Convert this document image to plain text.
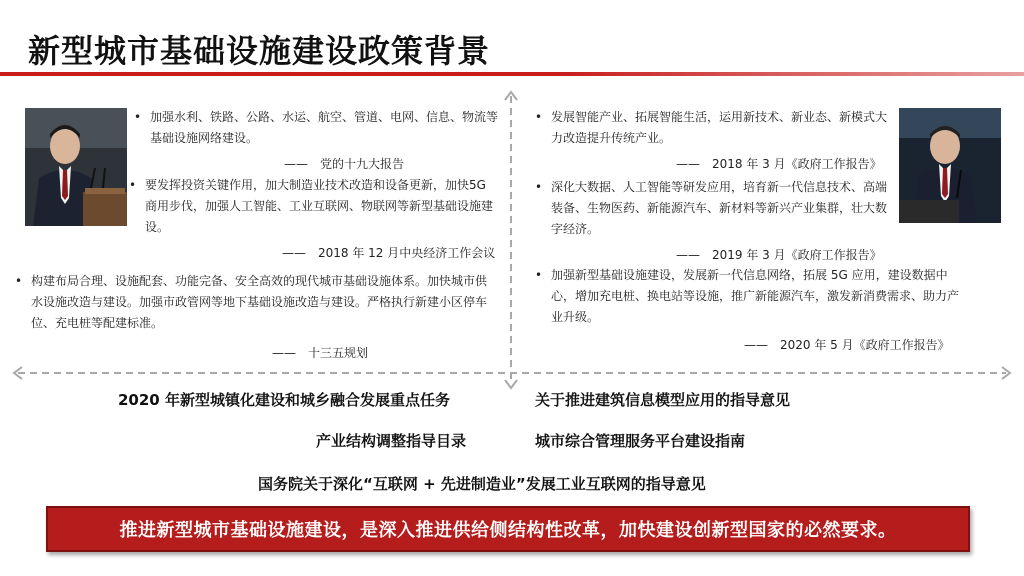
新型城市基础设施建设政策背景
• 加强水利、铁路、公路、水运、航空、管道、电网、信息、物流等基础设施网络建设。
——　党的十九大报告
• 要发挥投资关键作用，加大制造业技术改造和设备更新，加快5G 商用步伐，加强人工智能、工业互联网、物联网等新型基础设施建设。
——　2018 年 12 月中央经济工作会议
• 构建布局合理、设施配套、功能完备、安全高效的现代城市基础设施体系。加快城市供水设施改造与建设。加强市政管网等地下基础设施改造与建设。严格执行新建小区停车位、充电桩等配建标准。
——　十三五规划
• 发展智能产业、拓展智能生活，运用新技术、新业态、新模式大力改造提升传统产业。
——　2018 年 3 月《政府工作报告》
• 深化大数据、人工智能等研发应用，培育新一代信息技术、高端装备、生物医药、新能源汽车、新材料等新兴产业集群，壮大数字经济。
——　2019 年 3 月《政府工作报告》
• 加强新型基础设施建设，发展新一代信息网络，拓展 5G 应用，建设数据中心，增加充电桩、换电站等设施，推广新能源汽车，激发新消费需求、助力产业升级。
——　2020 年 5 月《政府工作报告》
2020 年新型城镇化建设和城乡融合发展重点任务	关于推进建筑信息模型应用的指导意见
产业结构调整指导目录	城市综合管理服务平台建设指南
国务院关于深化“互联网 + 先进制造业”发展工业互联网的指导意见
推进新型城市基础设施建设，是深入推进供给侧结构性改革，加快建设创新型国家的必然要求。
